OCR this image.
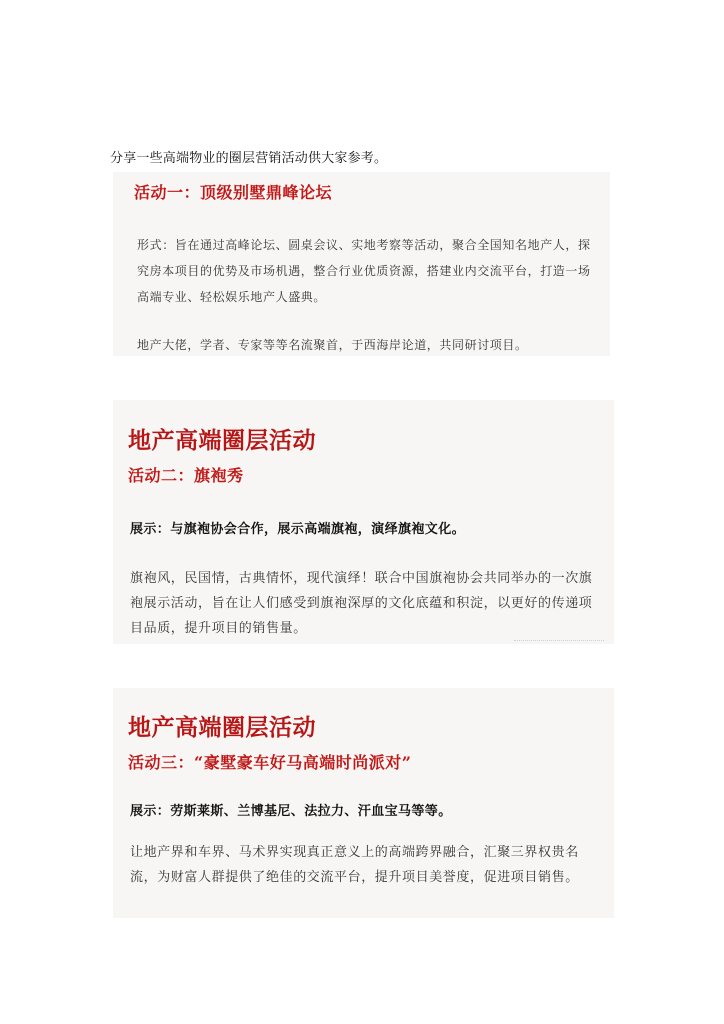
分享一些高端物业的圈层营销活动供大家参考。
活动一：顶级别墅鼎峰论坛
形式：旨在通过高峰论坛、圆桌会议、实地考察等活动，聚合全国知名地产人，探究房本项目的优势及市场机遇，整合行业优质资源，搭建业内交流平台，打造一场高端专业、轻松娱乐地产人盛典。
地产大佬，学者、专家等等名流聚首，于西海岸论道，共同研讨项目。
地产高端圈层活动
活动二：旗袍秀
展示：与旗袍协会合作，展示高端旗袍，演绎旗袍文化。
旗袍风，民国情，古典情怀，现代演绎！联合中国旗袍协会共同举办的一次旗袍展示活动，旨在让人们感受到旗袍深厚的文化底蕴和积淀，以更好的传递项目品质，提升项目的销售量。
地产高端圈层活动
活动三：“豪墅豪车好马高端时尚派对”
展示：劳斯莱斯、兰博基尼、法拉力、汗血宝马等等。
让地产界和车界、马术界实现真正意义上的高端跨界融合，汇聚三界权贵名流，为财富人群提供了绝佳的交流平台，提升项目美誉度，促进项目销售。
